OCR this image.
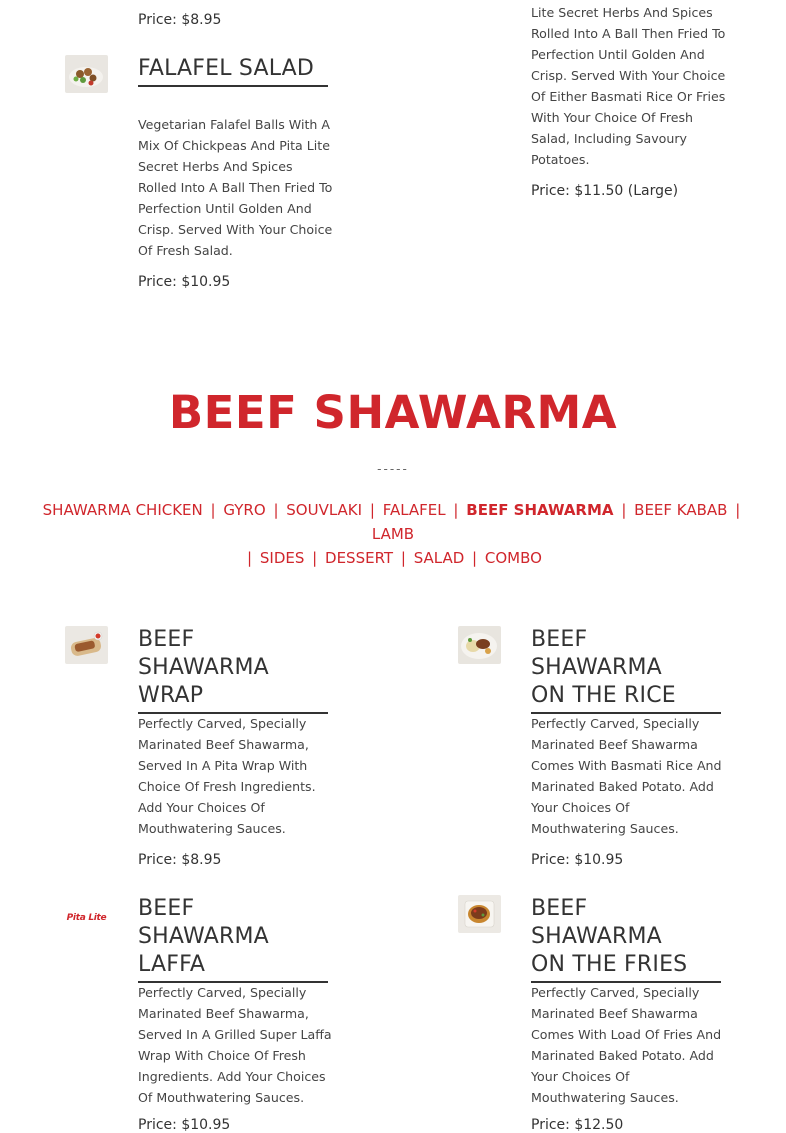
Price: $8.95
FALAFEL SALAD
Vegetarian Falafel Balls With A Mix Of Chickpeas And Pita Lite Secret Herbs And Spices Rolled Into A Ball Then Fried To Perfection Until Golden And Crisp. Served With Your Choice Of Fresh Salad.
Price: $10.95
Lite Secret Herbs And Spices Rolled Into A Ball Then Fried To Perfection Until Golden And Crisp. Served With Your Choice Of Either Basmati Rice Or Fries With Your Choice Of Fresh Salad, Including Savoury Potatoes.
Price: $11.50 (Large)
BEEF SHAWARMA
-----
SHAWARMA CHICKEN | GYRO | SOUVLAKI | FALAFEL | BEEF SHAWARMA | BEEF KABAB | LAMB
| SIDES | DESSERT | SALAD | COMBO
BEEF SHAWARMA
WRAP
Perfectly Carved, Specially Marinated Beef Shawarma, Served In A Pita Wrap With Choice Of Fresh Ingredients. Add Your Choices Of Mouthwatering Sauces.
Price: $8.95
BEEF SHAWARMA
ON THE RICE
Perfectly Carved, Specially Marinated Beef Shawarma Comes With Basmati Rice And Marinated Baked Potato. Add Your Choices Of Mouthwatering Sauces.
Price: $10.95
Pita Lite BEEF SHAWARMA
LAFFA
Perfectly Carved, Specially Marinated Beef Shawarma, Served In A Grilled Super Laffa Wrap With Choice Of Fresh Ingredients. Add Your Choices Of Mouthwatering Sauces.
Price: $10.95
BEEF SHAWARMA
ON THE FRIES
Perfectly Carved, Specially Marinated Beef Shawarma Comes With Load Of Fries And Marinated Baked Potato. Add Your Choices Of Mouthwatering Sauces.
Price: $12.50
